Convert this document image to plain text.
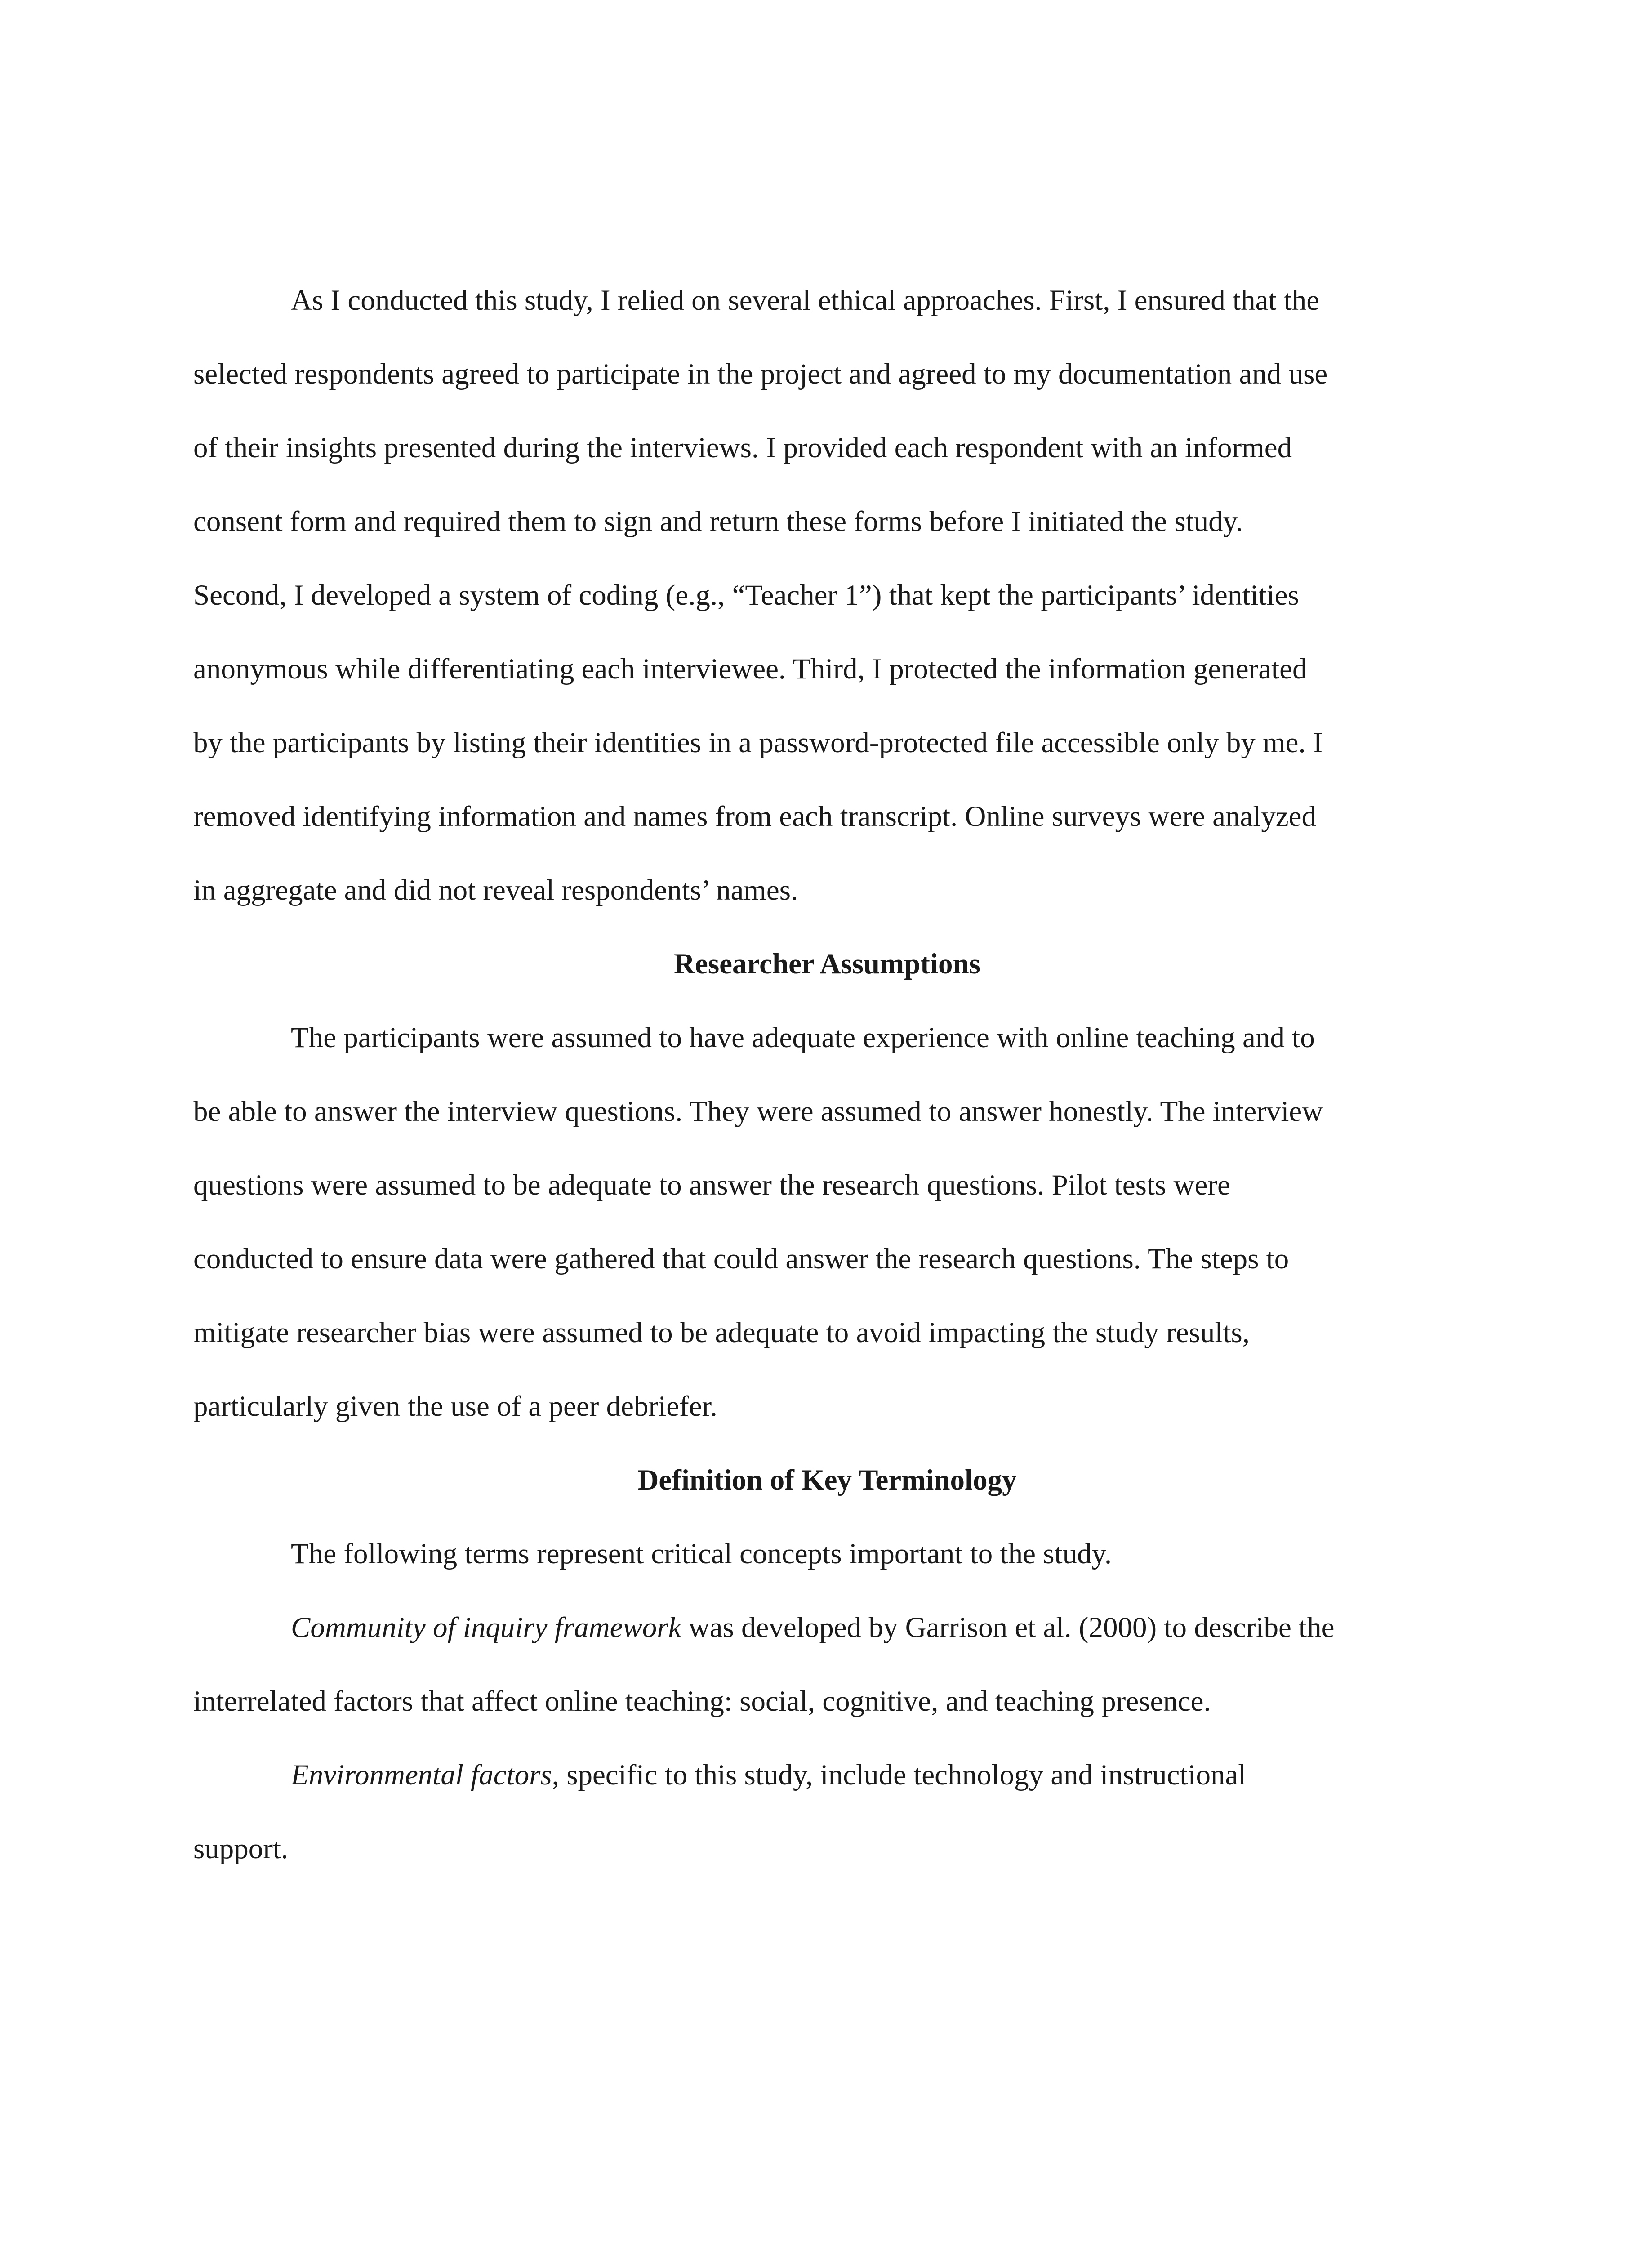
As I conducted this study, I relied on several ethical approaches. First, I ensured that the
selected respondents agreed to participate in the project and agreed to my documentation and use
of their insights presented during the interviews. I provided each respondent with an informed
consent form and required them to sign and return these forms before I initiated the study.
Second, I developed a system of coding (e.g., “Teacher 1”) that kept the participants’ identities
anonymous while differentiating each interviewee. Third, I protected the information generated
by the participants by listing their identities in a password-protected file accessible only by me. I
removed identifying information and names from each transcript. Online surveys were analyzed
in aggregate and did not reveal respondents’ names.
Researcher Assumptions
The participants were assumed to have adequate experience with online teaching and to
be able to answer the interview questions. They were assumed to answer honestly. The interview
questions were assumed to be adequate to answer the research questions. Pilot tests were
conducted to ensure data were gathered that could answer the research questions. The steps to
mitigate researcher bias were assumed to be adequate to avoid impacting the study results,
particularly given the use of a peer debriefer.
Definition of Key Terminology
The following terms represent critical concepts important to the study.
Community of inquiry framework was developed by Garrison et al. (2000) to describe the
interrelated factors that affect online teaching: social, cognitive, and teaching presence.
Environmental factors, specific to this study, include technology and instructional
support.
